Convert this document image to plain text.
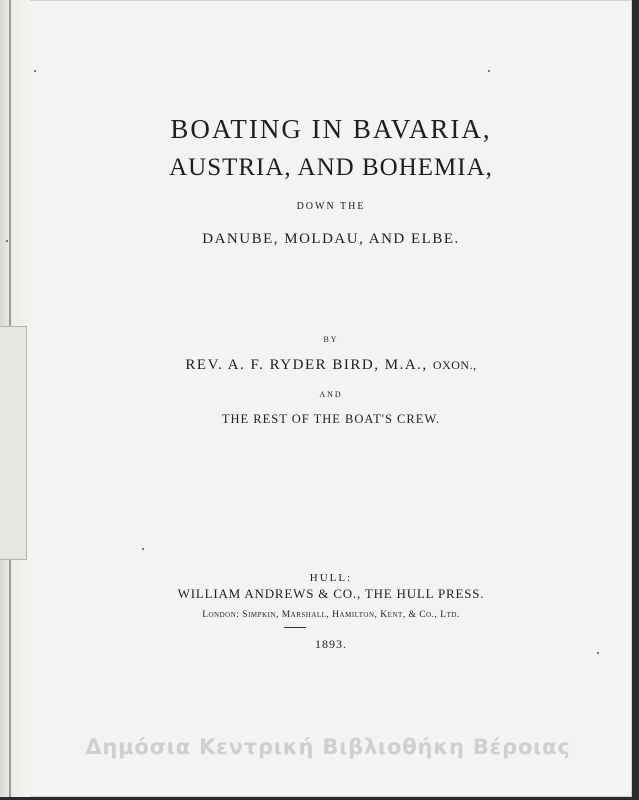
BOATING IN BAVARIA,
AUSTRIA, AND BOHEMIA,
DOWN THE
DANUBE, MOLDAU, AND ELBE.
BY
REV. A. F. RYDER BIRD, M.A., OXON.,
AND
THE REST OF THE BOAT'S CREW.
HULL:
WILLIAM ANDREWS & CO., THE HULL PRESS.
London: Simpkin, Marshall, Hamilton, Kent, & Co., Ltd.
1893.
Δημόσια Κεντρική Βιβλιοθήκη Βέροιας
